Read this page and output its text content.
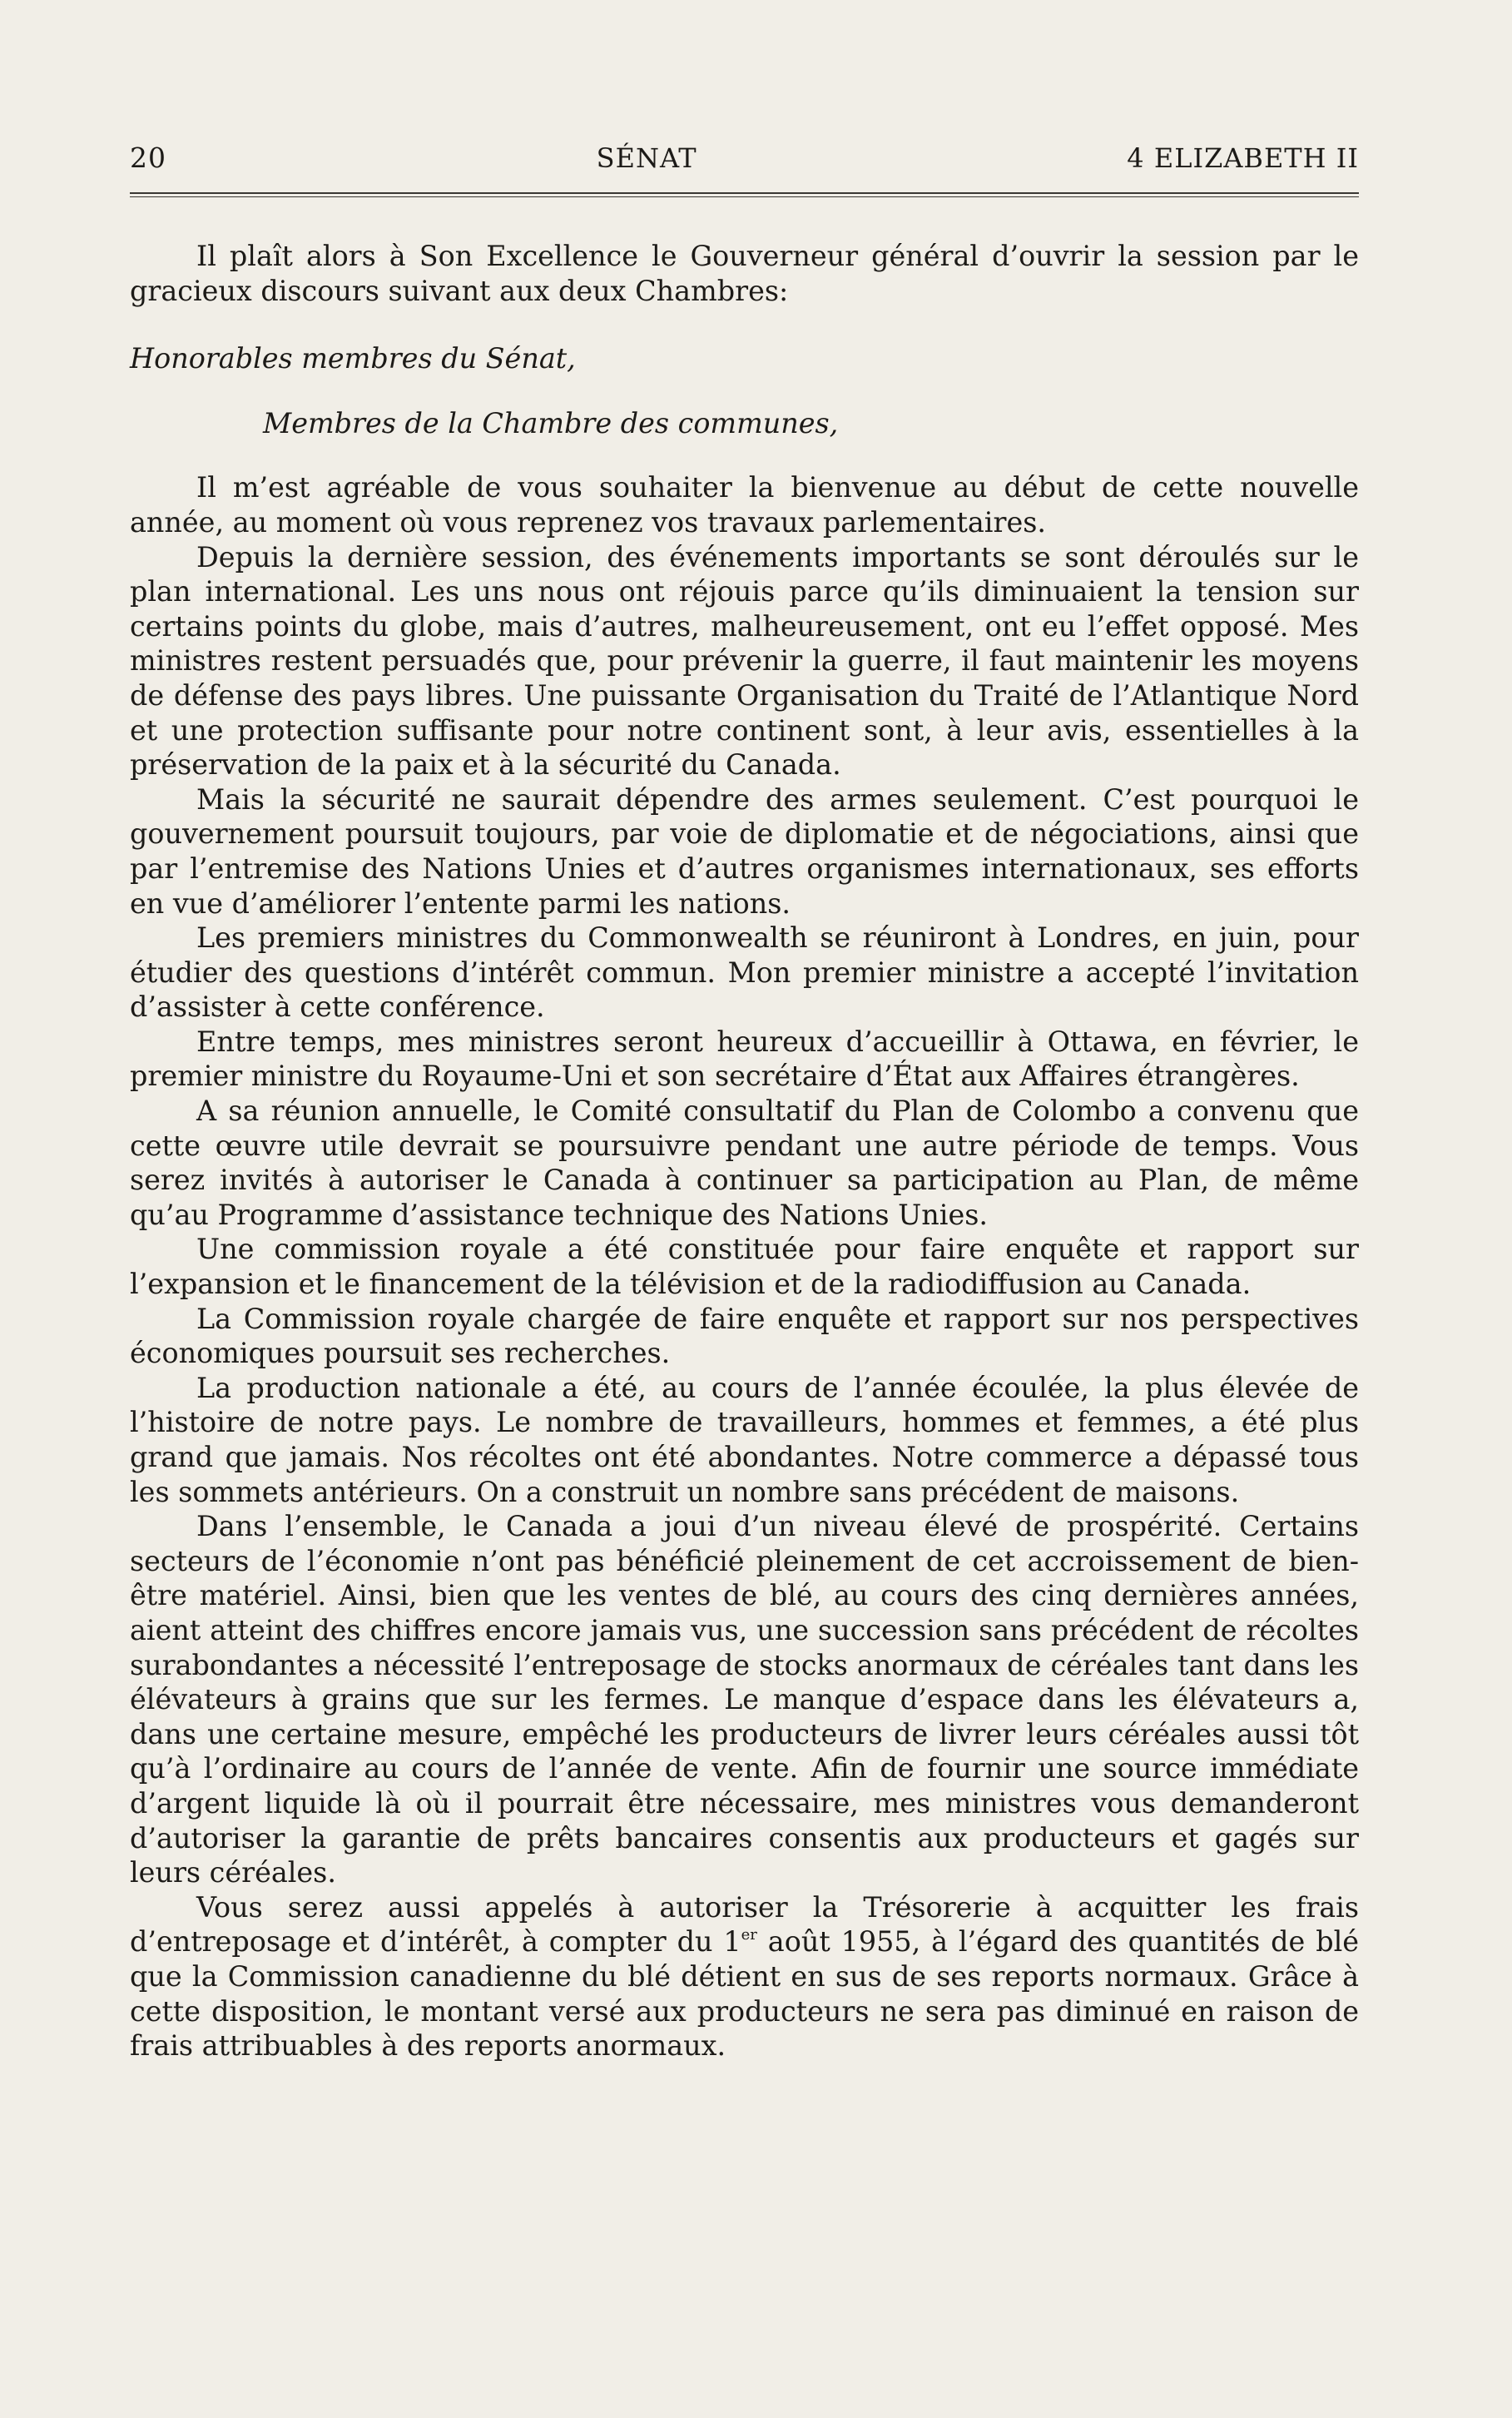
20	SÉNAT	4 ELIZABETH II

Il plaît alors à Son Excellence le Gouverneur général d’ouvrir la session par le gracieux discours suivant aux deux Chambres:

Honorables membres du Sénat,

Membres de la Chambre des communes,

Il m’est agréable de vous souhaiter la bienvenue au début de cette nouvelle année, au moment où vous reprenez vos travaux parlementaires.

Depuis la dernière session, des événements importants se sont déroulés sur le plan international. Les uns nous ont réjouis parce qu’ils diminuaient la tension sur certains points du globe, mais d’autres, malheureusement, ont eu l’effet opposé. Mes ministres restent persuadés que, pour prévenir la guerre, il faut maintenir les moyens de défense des pays libres. Une puissante Organisation du Traité de l’Atlantique Nord et une protection suffisante pour notre continent sont, à leur avis, essentielles à la préservation de la paix et à la sécurité du Canada.

Mais la sécurité ne saurait dépendre des armes seulement. C’est pourquoi le gouvernement poursuit toujours, par voie de diplomatie et de négociations, ainsi que par l’entremise des Nations Unies et d’autres organismes internationaux, ses efforts en vue d’améliorer l’entente parmi les nations.

Les premiers ministres du Commonwealth se réuniront à Londres, en juin, pour étudier des questions d’intérêt commun. Mon premier ministre a accepté l’invitation d’assister à cette conférence.

Entre temps, mes ministres seront heureux d’accueillir à Ottawa, en février, le premier ministre du Royaume-Uni et son secrétaire d’État aux Affaires étrangères.

A sa réunion annuelle, le Comité consultatif du Plan de Colombo a convenu que cette œuvre utile devrait se poursuivre pendant une autre période de temps. Vous serez invités à autoriser le Canada à continuer sa participation au Plan, de même qu’au Programme d’assistance technique des Nations Unies.

Une commission royale a été constituée pour faire enquête et rapport sur l’expansion et le financement de la télévision et de la radiodiffusion au Canada.

La Commission royale chargée de faire enquête et rapport sur nos perspectives économiques poursuit ses recherches.

La production nationale a été, au cours de l’année écoulée, la plus élevée de l’histoire de notre pays. Le nombre de travailleurs, hommes et femmes, a été plus grand que jamais. Nos récoltes ont été abondantes. Notre commerce a dépassé tous les sommets antérieurs. On a construit un nombre sans précédent de maisons.

Dans l’ensemble, le Canada a joui d’un niveau élevé de prospérité. Certains secteurs de l’économie n’ont pas bénéficié pleinement de cet accroissement de bien-être matériel. Ainsi, bien que les ventes de blé, au cours des cinq dernières années, aient atteint des chiffres encore jamais vus, une succession sans précédent de récoltes surabondantes a nécessité l’entreposage de stocks anormaux de céréales tant dans les élévateurs à grains que sur les fermes. Le manque d’espace dans les élévateurs a, dans une certaine mesure, empêché les producteurs de livrer leurs céréales aussi tôt qu’à l’ordinaire au cours de l’année de vente. Afin de fournir une source immédiate d’argent liquide là où il pourrait être nécessaire, mes ministres vous demanderont d’autoriser la garantie de prêts bancaires consentis aux producteurs et gagés sur leurs céréales.

Vous serez aussi appelés à autoriser la Trésorerie à acquitter les frais d’entreposage et d’intérêt, à compter du 1er août 1955, à l’égard des quantités de blé que la Commission canadienne du blé détient en sus de ses reports normaux. Grâce à cette disposition, le montant versé aux producteurs ne sera pas diminué en raison de frais attribuables à des reports anormaux.
